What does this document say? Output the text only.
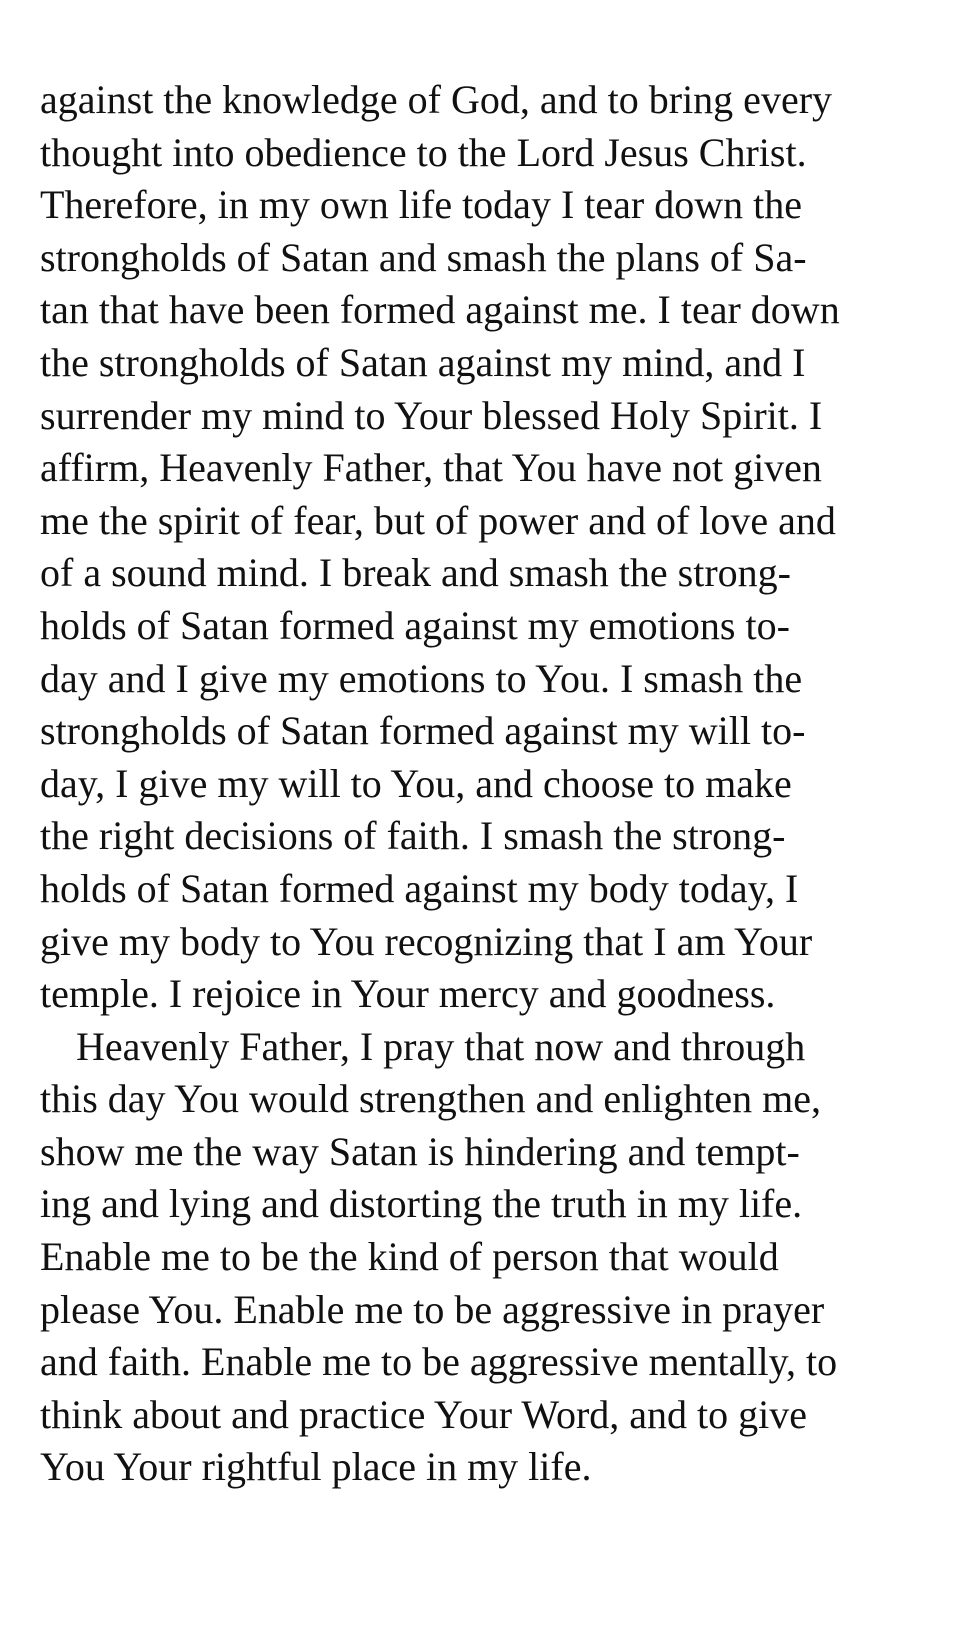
against the knowledge of God, and to bring every
thought into obedience to the Lord Jesus Christ.
Therefore, in my own life today I tear down the
strongholds of Satan and smash the plans of Sa-
tan that have been formed against me. I tear down
the strongholds of Satan against my mind, and I
surrender my mind to Your blessed Holy Spirit. I
affirm, Heavenly Father, that You have not given
me the spirit of fear, but of power and of love and
of a sound mind. I break and smash the strong-
holds of Satan formed against my emotions to-
day and I give my emotions to You. I smash the
strongholds of Satan formed against my will to-
day, I give my will to You, and choose to make
the right decisions of faith. I smash the strong-
holds of Satan formed against my body today, I
give my body to You recognizing that I am Your
temple. I rejoice in Your mercy and goodness.
Heavenly Father, I pray that now and through
this day You would strengthen and enlighten me,
show me the way Satan is hindering and tempt-
ing and lying and distorting the truth in my life.
Enable me to be the kind of person that would
please You. Enable me to be aggressive in prayer
and faith. Enable me to be aggressive mentally, to
think about and practice Your Word, and to give
You Your rightful place in my life.
